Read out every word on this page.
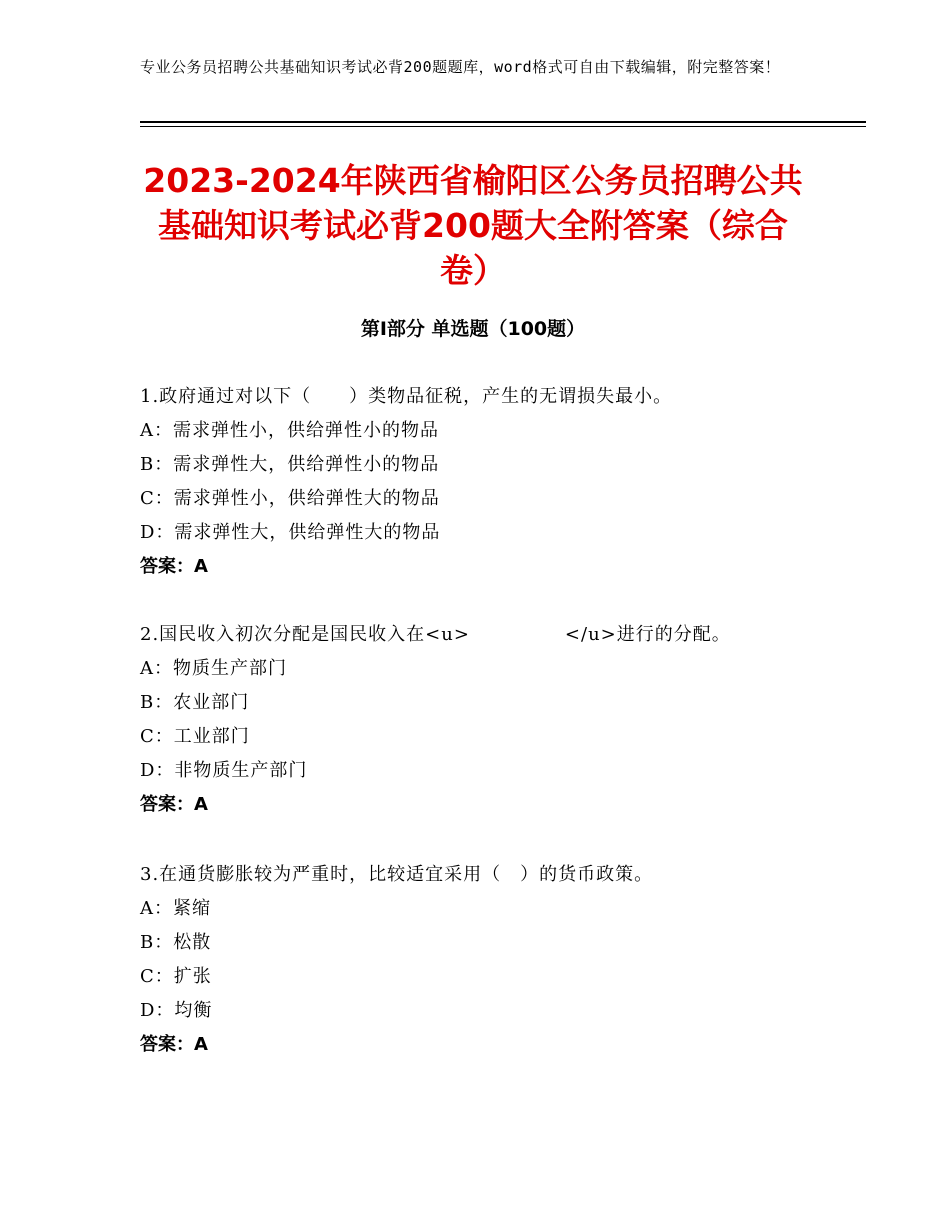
专业公务员招聘公共基础知识考试必背200题题库，word格式可自由下载编辑，附完整答案！
2023-2024年陕西省榆阳区公务员招聘公共基础知识考试必背200题大全附答案（综合卷）
第Ⅰ部分 单选题（100题）
1.政府通过对以下（　　）类物品征税，产生的无谓损失最小。
A：需求弹性小，供给弹性小的物品
B：需求弹性大，供给弹性小的物品
C：需求弹性小，供给弹性大的物品
D：需求弹性大，供给弹性大的物品
答案：A
2.国民收入初次分配是国民收入在<u>　　　　　</u>进行的分配。
A：物质生产部门
B：农业部门
C：工业部门
D：非物质生产部门
答案：A
3.在通货膨胀较为严重时，比较适宜采用（　）的货币政策。
A：紧缩
B：松散
C：扩张
D：均衡
答案：A
